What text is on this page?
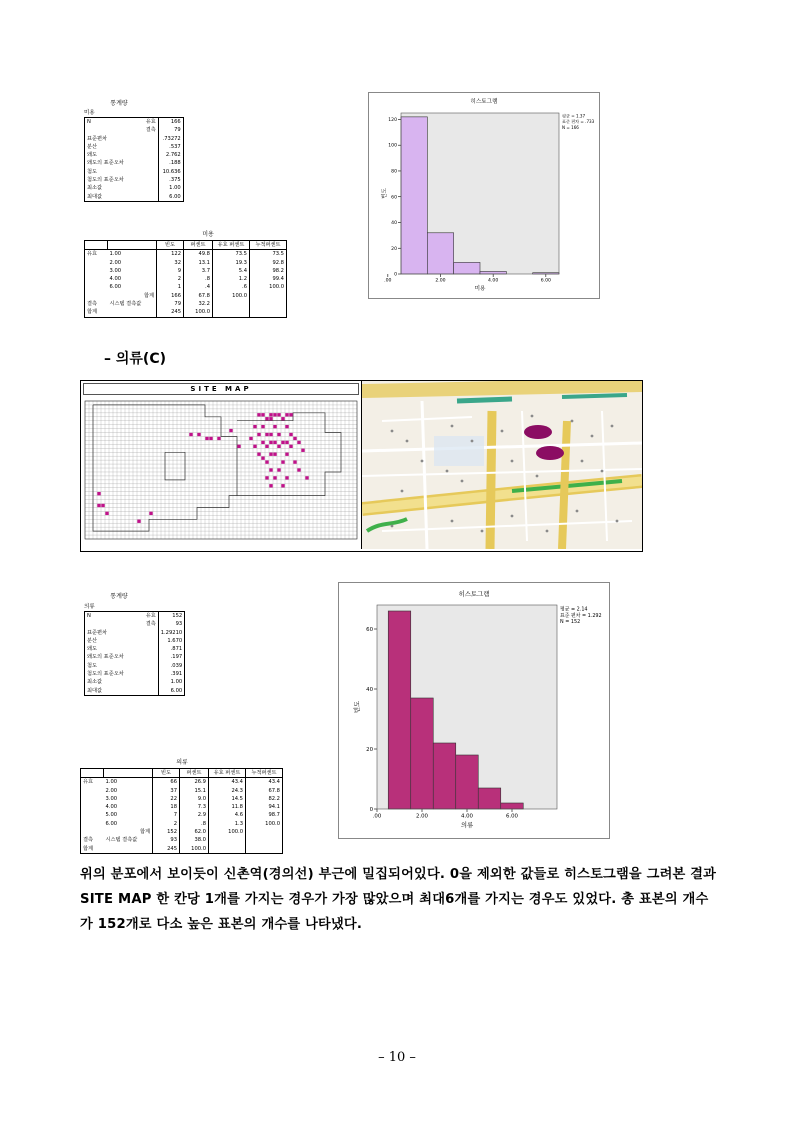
통계량
미용
N	유효	166
	결측	79
표준편차		.73272
분산		.537
왜도		2.762
왜도의 표준오차		.188
첨도		10.636
첨도의 표준오차		.375
최소값		1.00
최대값		6.00
미용
		빈도	퍼센트	유효 퍼센트	누적퍼센트
유효	1.00	122	49.8	73.5	73.5
	2.00	32	13.1	19.3	92.8
	3.00	9	3.7	5.4	98.2
	4.00	2	.8	1.2	99.4
	6.00	1	.4	.6	100.0
	합계	166	67.8	100.0	
결측	시스템 결측값	79	32.2		
합계		245	100.0		
히스토그램
0
20
40
60
80
100
120
.00	2.00	4.00	6.00
미용
빈도
평균 = 1.37
표준 편차 = .733
N = 166
– 의류(C)
SITE MAP
통계량
의류
N	유효	152
	결측	93
표준편차		1.29210
분산		1.670
왜도		.871
왜도의 표준오차		.197
첨도		.039
첨도의 표준오차		.391
최소값		1.00
최대값		6.00
의류
		빈도	퍼센트	유효 퍼센트	누적퍼센트
유효	1.00	66	26.9	43.4	43.4
	2.00	37	15.1	24.3	67.8
	3.00	22	9.0	14.5	82.2
	4.00	18	7.3	11.8	94.1
	5.00	7	2.9	4.6	98.7
	6.00	2	.8	1.3	100.0
	합계	152	62.0	100.0	
결측	시스템 결측값	93	38.0		
합계		245	100.0		
히스토그램
0
20
40
60
.00	2.00	4.00	6.00
의류
빈도
평균 = 2.14
표준 편차 = 1.292
N = 152
위의 분포에서 보이듯이 신촌역(경의선) 부근에 밀집되어있다. 0을 제외한 값들로 히스토그램을 그려본 결과 SITE MAP 한 칸당 1개를 가지는 경우가 가장 많았으며 최대6개를 가지는 경우도 있었다. 총 표본의 개수가 152개로 다소 높은 표본의 개수를 나타냈다.
– 10 –
